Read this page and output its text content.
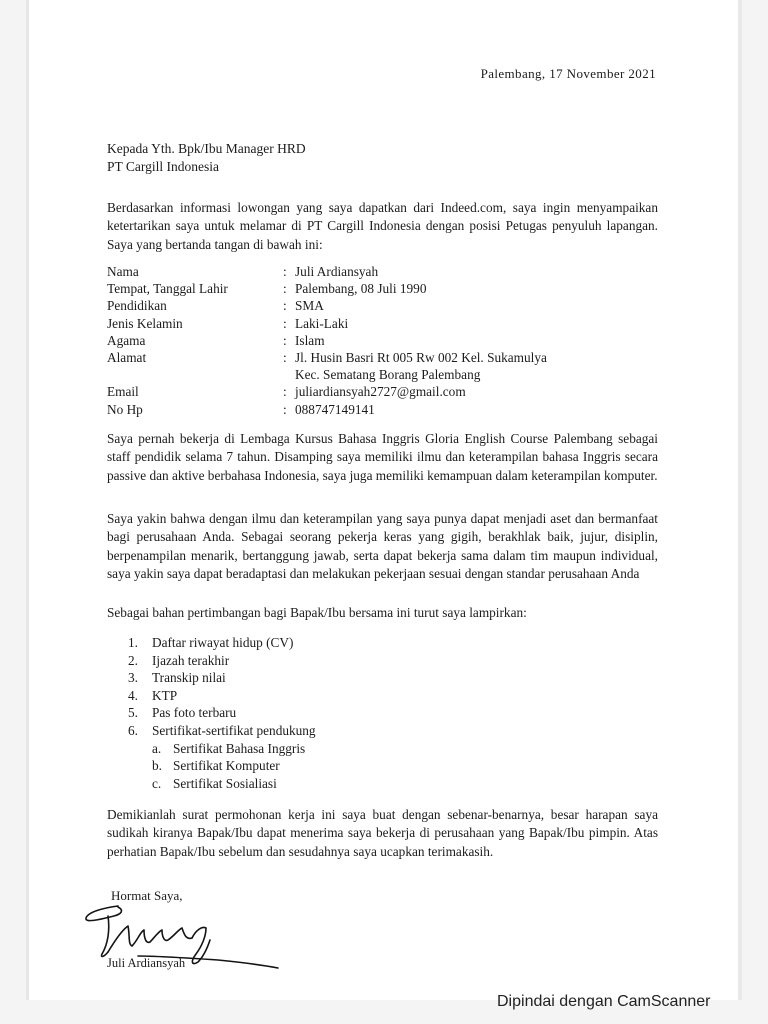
Palembang, 17 November 2021
Kepada Yth. Bpk/Ibu Manager HRD
PT Cargill Indonesia
Berdasarkan informasi lowongan yang saya dapatkan dari Indeed.com, saya ingin menyampaikan ketertarikan saya untuk melamar di PT Cargill Indonesia dengan posisi Petugas penyuluh lapangan. Saya yang bertanda tangan di bawah ini:
Nama	: Juli Ardiansyah
Tempat, Tanggal Lahir	: Palembang, 08 Juli 1990
Pendidikan	: SMA
Jenis Kelamin	: Laki-Laki
Agama	: Islam
Alamat	: Jl. Husin Basri Rt 005 Rw 002 Kel. Sukamulya
Kec. Sematang Borang Palembang
Email	: juliardiansyah2727@gmail.com
No Hp	: 088747149141
Saya pernah bekerja di Lembaga Kursus Bahasa Inggris Gloria English Course Palembang sebagai staff pendidik selama 7 tahun. Disamping saya memiliki ilmu dan keterampilan bahasa Inggris secara passive dan aktive berbahasa Indonesia, saya juga memiliki kemampuan dalam keterampilan komputer.
Saya yakin bahwa dengan ilmu dan keterampilan yang saya punya dapat menjadi aset dan bermanfaat bagi perusahaan Anda. Sebagai seorang pekerja keras yang gigih, berakhlak baik, jujur, disiplin, berpenampilan menarik, bertanggung jawab, serta dapat bekerja sama dalam tim maupun individual, saya yakin saya dapat beradaptasi dan melakukan pekerjaan sesuai dengan standar perusahaan Anda
Sebagai bahan pertimbangan bagi Bapak/Ibu bersama ini turut saya lampirkan:
1.	Daftar riwayat hidup (CV)
2.	Ijazah terakhir
3.	Transkip nilai
4.	KTP
5.	Pas foto terbaru
6.	Sertifikat-sertifikat pendukung
a. Sertifikat Bahasa Inggris
b. Sertifikat Komputer
c. Sertifikat Sosialiasi
Demikianlah surat permohonan kerja ini saya buat dengan sebenar-benarnya, besar harapan saya sudikah kiranya Bapak/Ibu dapat menerima saya bekerja di perusahaan yang Bapak/Ibu pimpin. Atas perhatian Bapak/Ibu sebelum dan sesudahnya saya ucapkan terimakasih.
Hormat Saya,
Juli Ardiansyah
Dipindai dengan CamScanner
